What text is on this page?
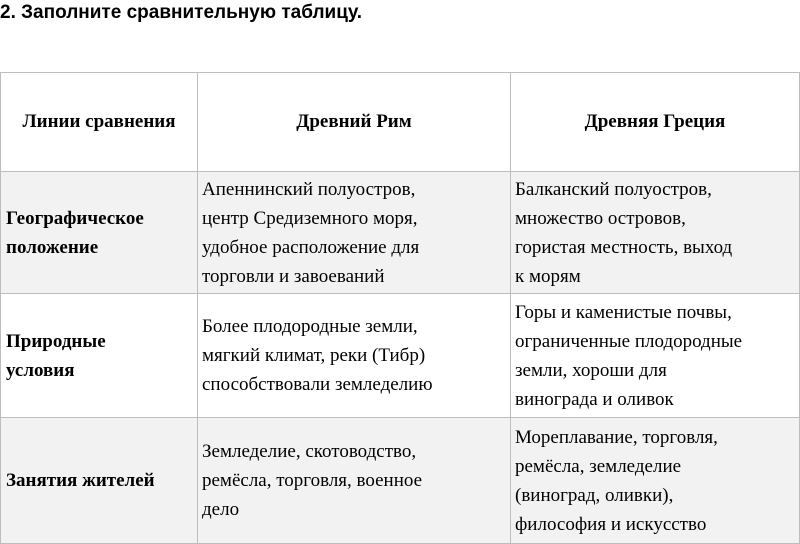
2. Заполните сравнительную таблицу.
Линии сравнения	Древний Рим	Древняя Греция

Географическое
положение	Апеннинский полуостров,
центр Средиземного моря,
удобное расположение для
торговли и завоеваний	Балканский полуостров,
множество островов,
гористая местность, выход
к морям

Природные
условия	Более плодородные земли,
мягкий климат, реки (Тибр)
способствовали земледелию	Горы и каменистые почвы,
ограниченные плодородные
земли, хороши для
винограда и оливок

Занятия жителей	Земледелие, скотоводство,
ремёсла, торговля, военное
дело	Мореплавание, торговля,
ремёсла, земледелие
(виноград, оливки),
философия и искусство
